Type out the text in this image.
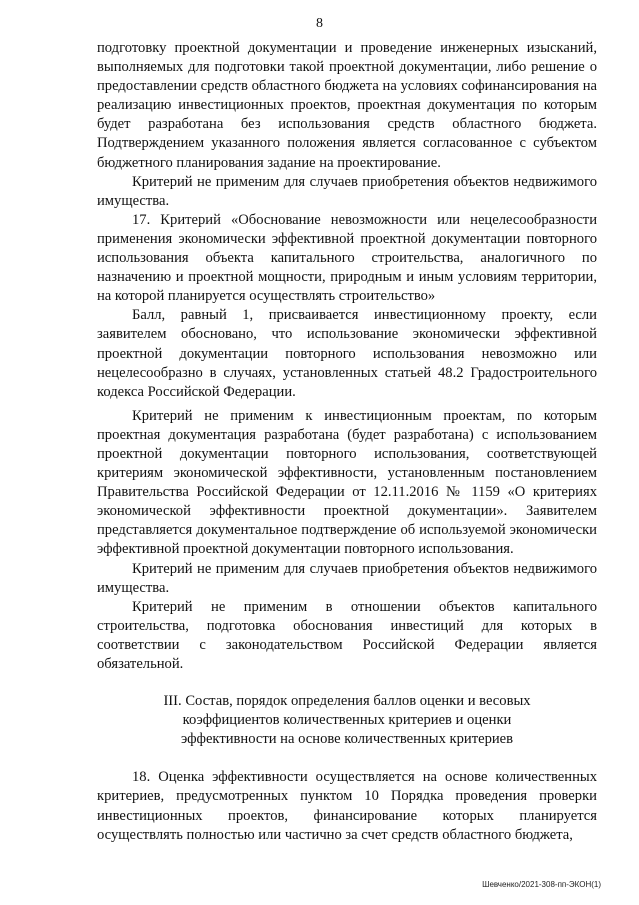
8

подготовку проектной документации и проведение инженерных изысканий, выполняемых для подготовки такой проектной документации, либо решение о предоставлении средств областного бюджета на условиях софинансирования на реализацию инвестиционных проектов, проектная документация по которым будет разработана без использования средств областного бюджета. Подтверждением указанного положения является согласованное с субъектом бюджетного планирования задание на проектирование.

Критерий не применим для случаев приобретения объектов недвижимого имущества.

17. Критерий «Обоснование невозможности или нецелесообразности применения экономически эффективной проектной документации повторного использования объекта капитального строительства, аналогичного по назначению и проектной мощности, природным и иным условиям территории, на которой планируется осуществлять строительство»

Балл, равный 1, присваивается инвестиционному проекту, если заявителем обосновано, что использование экономически эффективной проектной документации повторного использования невозможно или нецелесообразно в случаях, установленных статьей 48.2 Градостроительного кодекса Российской Федерации.

Критерий не применим к инвестиционным проектам, по которым проектная документация разработана (будет разработана) с использованием проектной документации повторного использования, соответствующей критериям экономической эффективности, установленным постановлением Правительства Российской Федерации от 12.11.2016 № 1159 «О критериях экономической эффективности проектной документации». Заявителем представляется документальное подтверждение об используемой экономически эффективной проектной документации повторного использования.

Критерий не применим для случаев приобретения объектов недвижимого имущества.

Критерий не применим в отношении объектов капитального строительства, подготовка обоснования инвестиций для которых в соответствии с законодательством Российской Федерации является обязательной.

III. Состав, порядок определения баллов оценки и весовых
коэффициентов количественных критериев и оценки
эффективности на основе количественных критериев

18. Оценка эффективности осуществляется на основе количественных критериев, предусмотренных пунктом 10 Порядка проведения проверки инвестиционных проектов, финансирование которых планируется осуществлять полностью или частично за счет средств областного бюджета,

Шевченко/2021-308-пп-ЭКОН(1)
